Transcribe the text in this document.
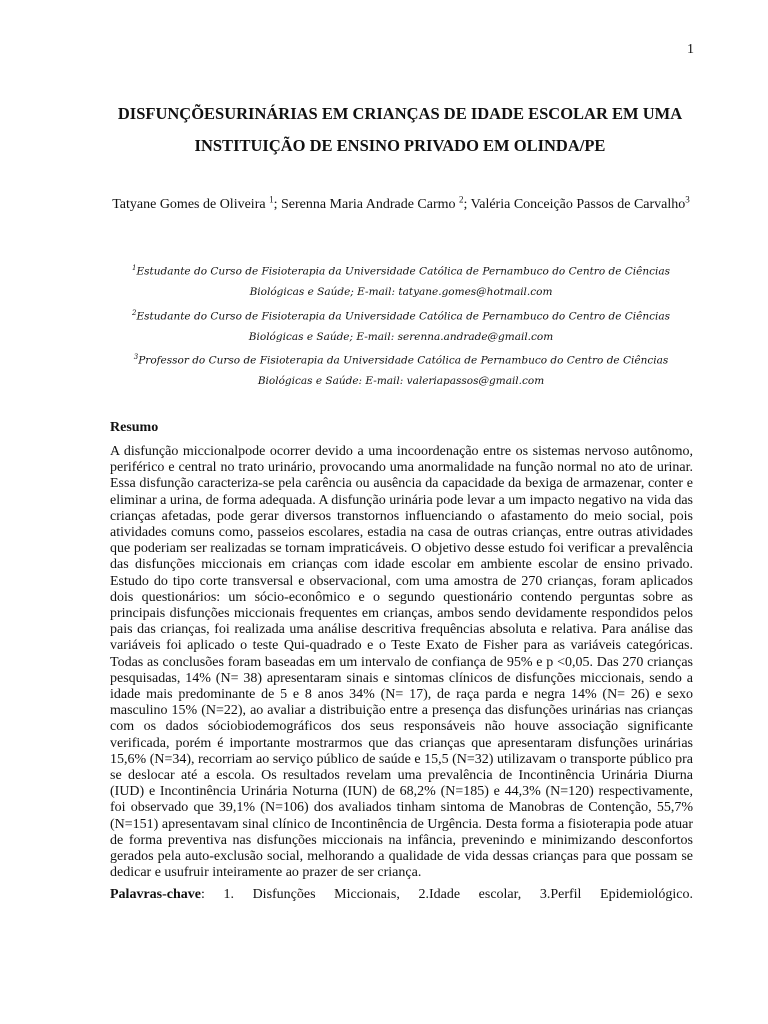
1
DISFUNÇÕESURINÁRIAS EM CRIANÇAS DE IDADE ESCOLAR EM UMA INSTITUIÇÃO DE ENSINO PRIVADO EM OLINDA/PE
Tatyane Gomes de Oliveira $^1$; Serenna Maria Andrade Carmo $^2$; Valéria Conceição Passos de Carvalho$^3$
$^1$Estudante do Curso de Fisioterapia da Universidade Católica de Pernambuco do Centro de Ciências Biológicas e Saúde; E-mail: tatyane.gomes@hotmail.com
$^2$Estudante do Curso de Fisioterapia da Universidade Católica de Pernambuco do Centro de Ciências Biológicas e Saúde; E-mail: serenna.andrade@gmail.com
$^3$Professor do Curso de Fisioterapia da Universidade Católica de Pernambuco do Centro de Ciências Biológicas e Saúde: E-mail: valeriapassos@gmail.com
Resumo

A disfunção miccionalpode ocorrer devido a uma incoordenação entre os sistemas nervoso autônomo, periférico e central no trato urinário, provocando uma anormalidade na função normal no ato de urinar. Essa disfunção caracteriza-se pela carência ou ausência da capacidade da bexiga de armazenar, conter e eliminar a urina, de forma adequada. A disfunção urinária pode levar a um impacto negativo na vida das crianças afetadas, pode gerar diversos transtornos influenciando o afastamento do meio social, pois atividades comuns como, passeios escolares, estadia na casa de outras crianças, entre outras atividades que poderiam ser realizadas se tornam impraticáveis. O objetivo desse estudo foi verificar a prevalência das disfunções miccionais em crianças com idade escolar em ambiente escolar de ensino privado. Estudo do tipo corte transversal e observacional, com uma amostra de 270 crianças, foram aplicados dois questionários: um sócio-econômico e o segundo questionário contendo perguntas sobre as principais disfunções miccionais frequentes em crianças, ambos sendo devidamente respondidos pelos pais das crianças, foi realizada uma análise descritiva frequências absoluta e relativa. Para análise das variáveis foi aplicado o teste Qui-quadrado e o Teste Exato de Fisher para as variáveis categóricas. Todas as conclusões foram baseadas em um intervalo de confiança de 95% e p <0,05. Das 270 crianças pesquisadas, 14% (N= 38) apresentaram sinais e sintomas clínicos de disfunções miccionais, sendo a idade mais predominante de 5 e 8 anos 34% (N= 17), de raça parda e negra 14% (N= 26) e sexo masculino 15% (N=22), ao avaliar a distribuição entre a presença das disfunções urinárias nas crianças com os dados sóciobiodemográficos dos seus responsáveis não houve associação significante verificada, porém é importante mostrarmos que das crianças que apresentaram disfunções urinárias 15,6% (N=34), recorriam ao serviço público de saúde e 15,5 (N=32) utilizavam o transporte público pra se deslocar até a escola. Os resultados revelam uma prevalência de Incontinência Urinária Diurna (IUD) e Incontinência Urinária Noturna (IUN) de 68,2% (N=185) e 44,3% (N=120) respectivamente, foi observado que 39,1% (N=106) dos avaliados tinham sintoma de Manobras de Contenção, 55,7% (N=151) apresentavam sinal clínico de Incontinência de Urgência. Desta forma a fisioterapia pode atuar de forma preventiva nas disfunções miccionais na infância, prevenindo e minimizando desconfortos gerados pela auto-exclusão social, melhorando a qualidade de vida dessas crianças para que possam se dedicar e usufruir inteiramente ao prazer de ser criança.

Palavras-chave: 1. Disfunções Miccionais, 2.Idade escolar, 3.Perfil Epidemiológico.
